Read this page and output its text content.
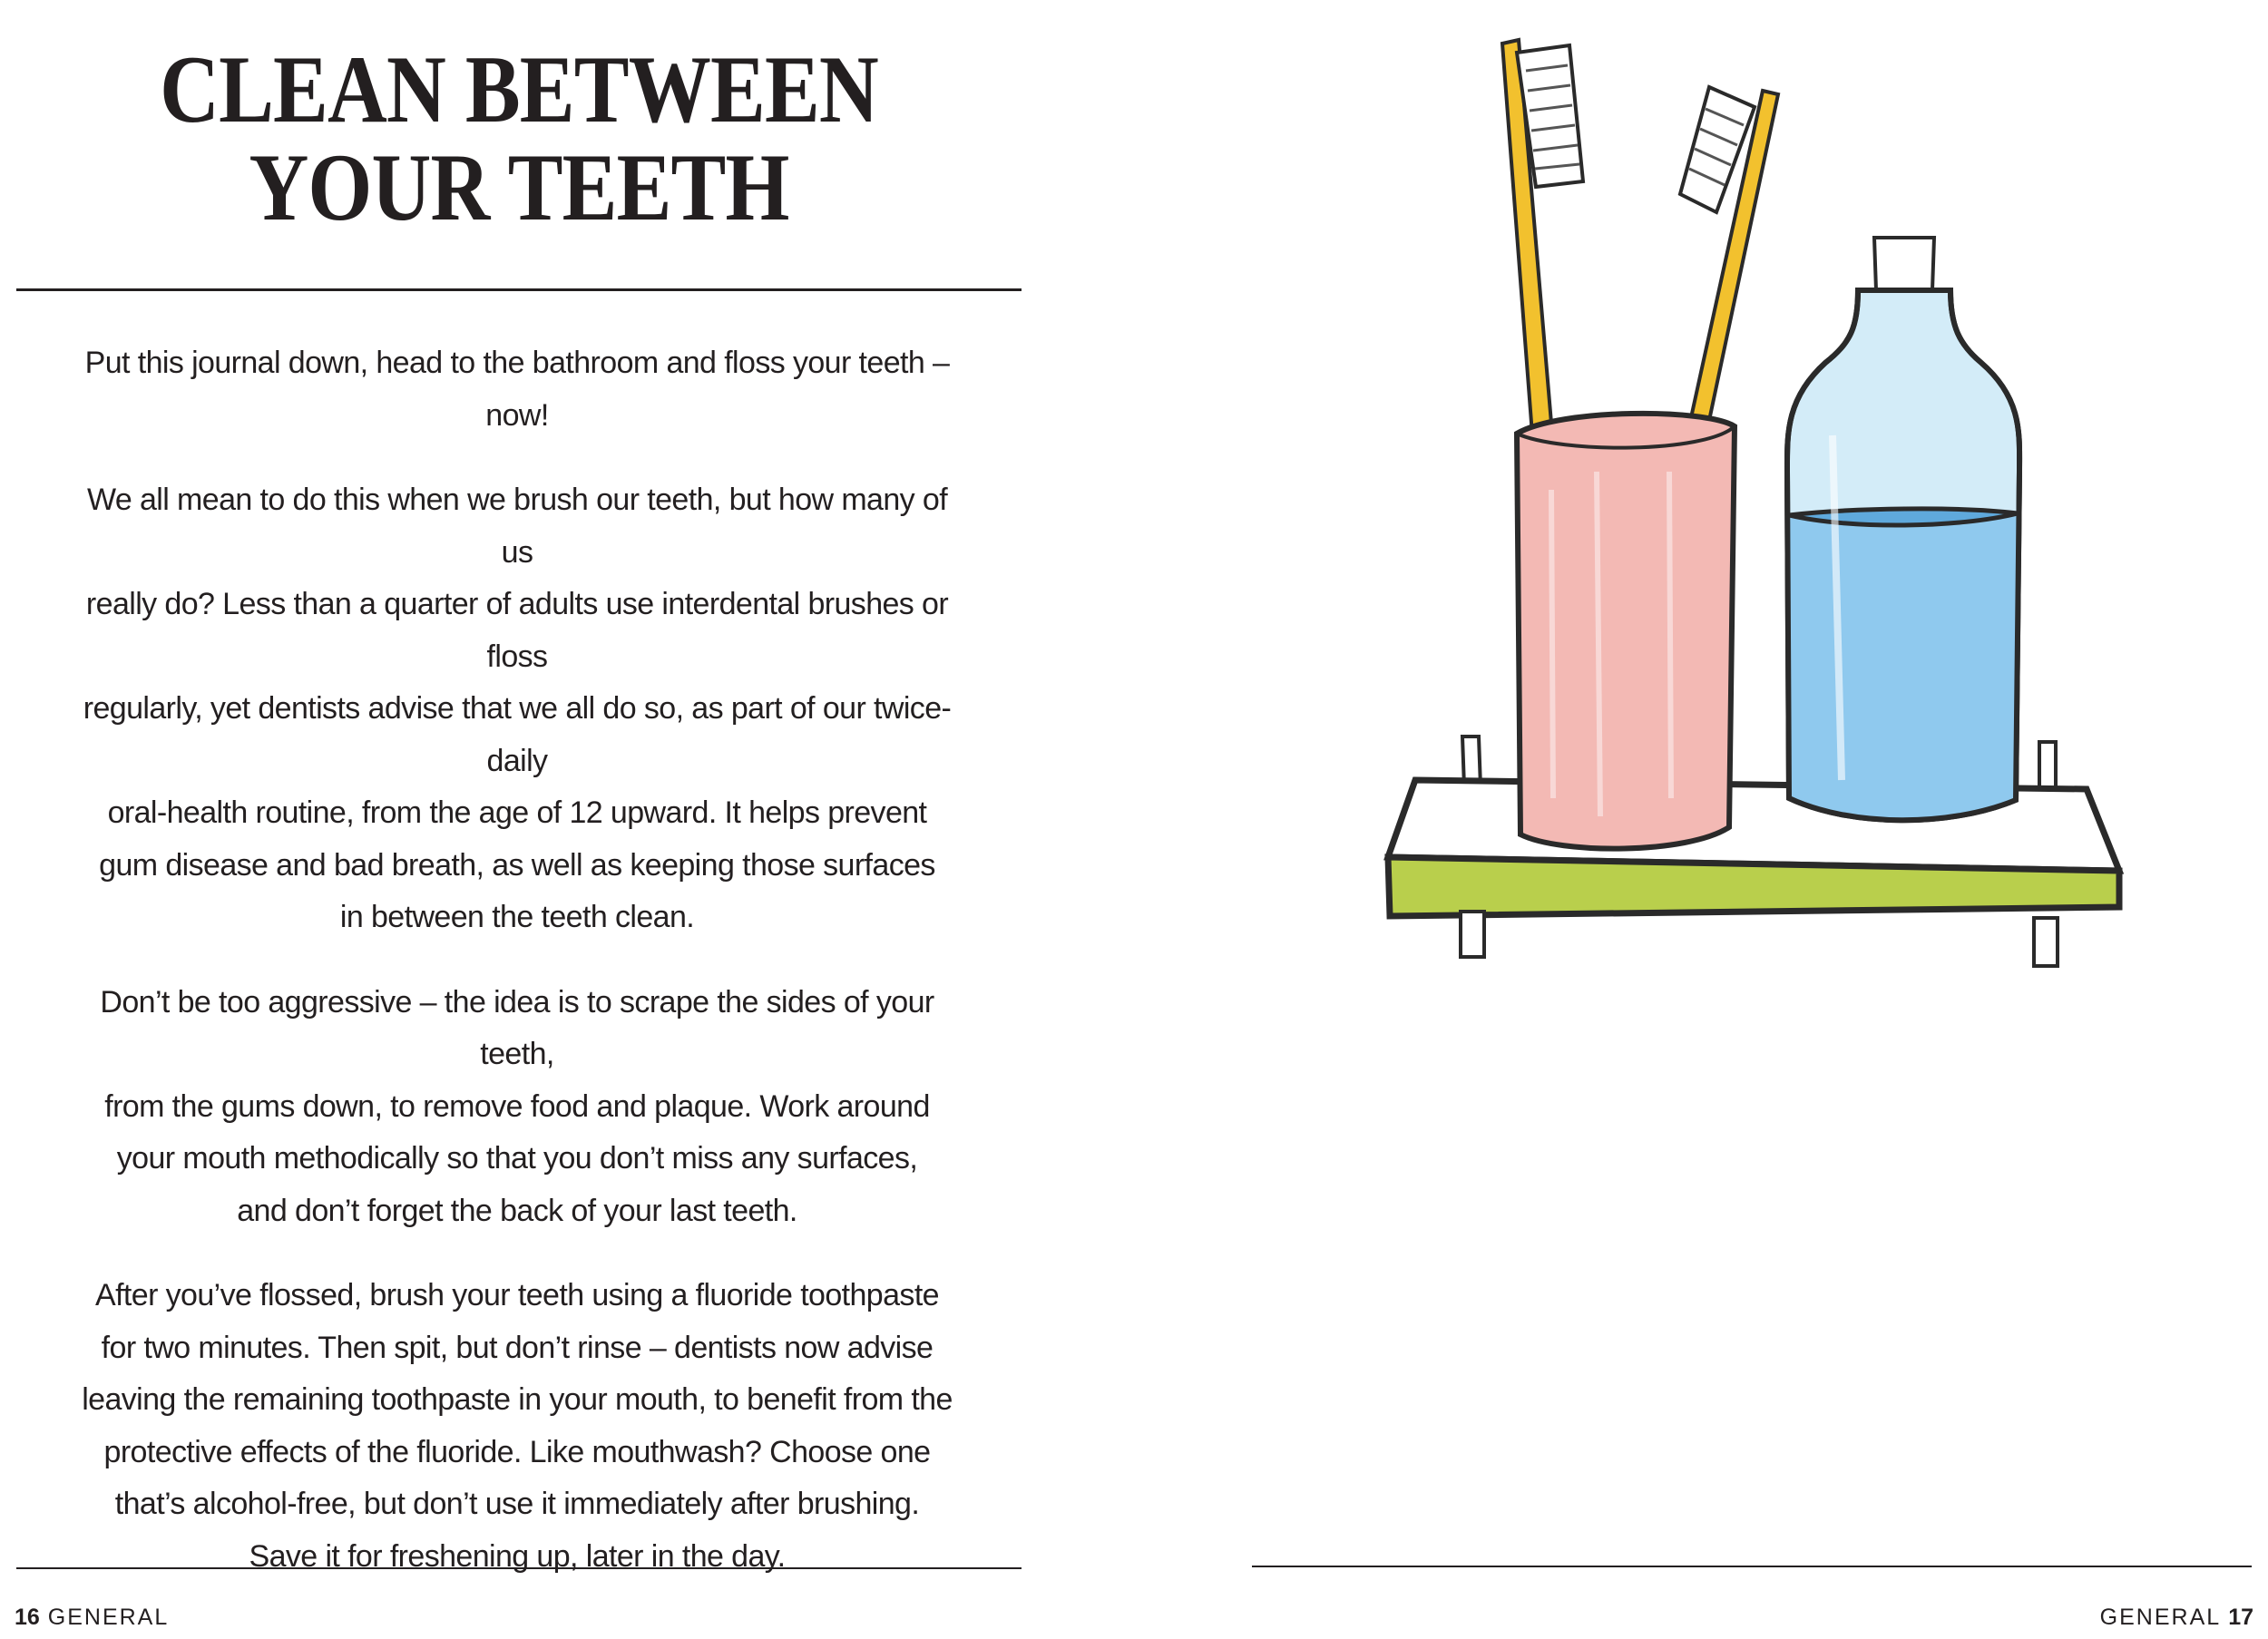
CLEAN BETWEEN
YOUR TEETH

Put this journal down, head to the bathroom and floss your teeth – now!

We all mean to do this when we brush our teeth, but how many of us
really do? Less than a quarter of adults use interdental brushes or floss
regularly, yet dentists advise that we all do so, as part of our twice-daily
oral-health routine, from the age of 12 upward. It helps prevent
gum disease and bad breath, as well as keeping those surfaces
in between the teeth clean.

Don’t be too aggressive – the idea is to scrape the sides of your teeth,
from the gums down, to remove food and plaque. Work around
your mouth methodically so that you don’t miss any surfaces,
and don’t forget the back of your last teeth.

After you’ve flossed, brush your teeth using a fluoride toothpaste
for two minutes. Then spit, but don’t rinse – dentists now advise
leaving the remaining toothpaste in your mouth, to benefit from the
protective effects of the fluoride. Like mouthwash? Choose one
that’s alcohol-free, but don’t use it immediately after brushing.
Save it for freshening up, later in the day.

16 GENERAL	GENERAL 17
